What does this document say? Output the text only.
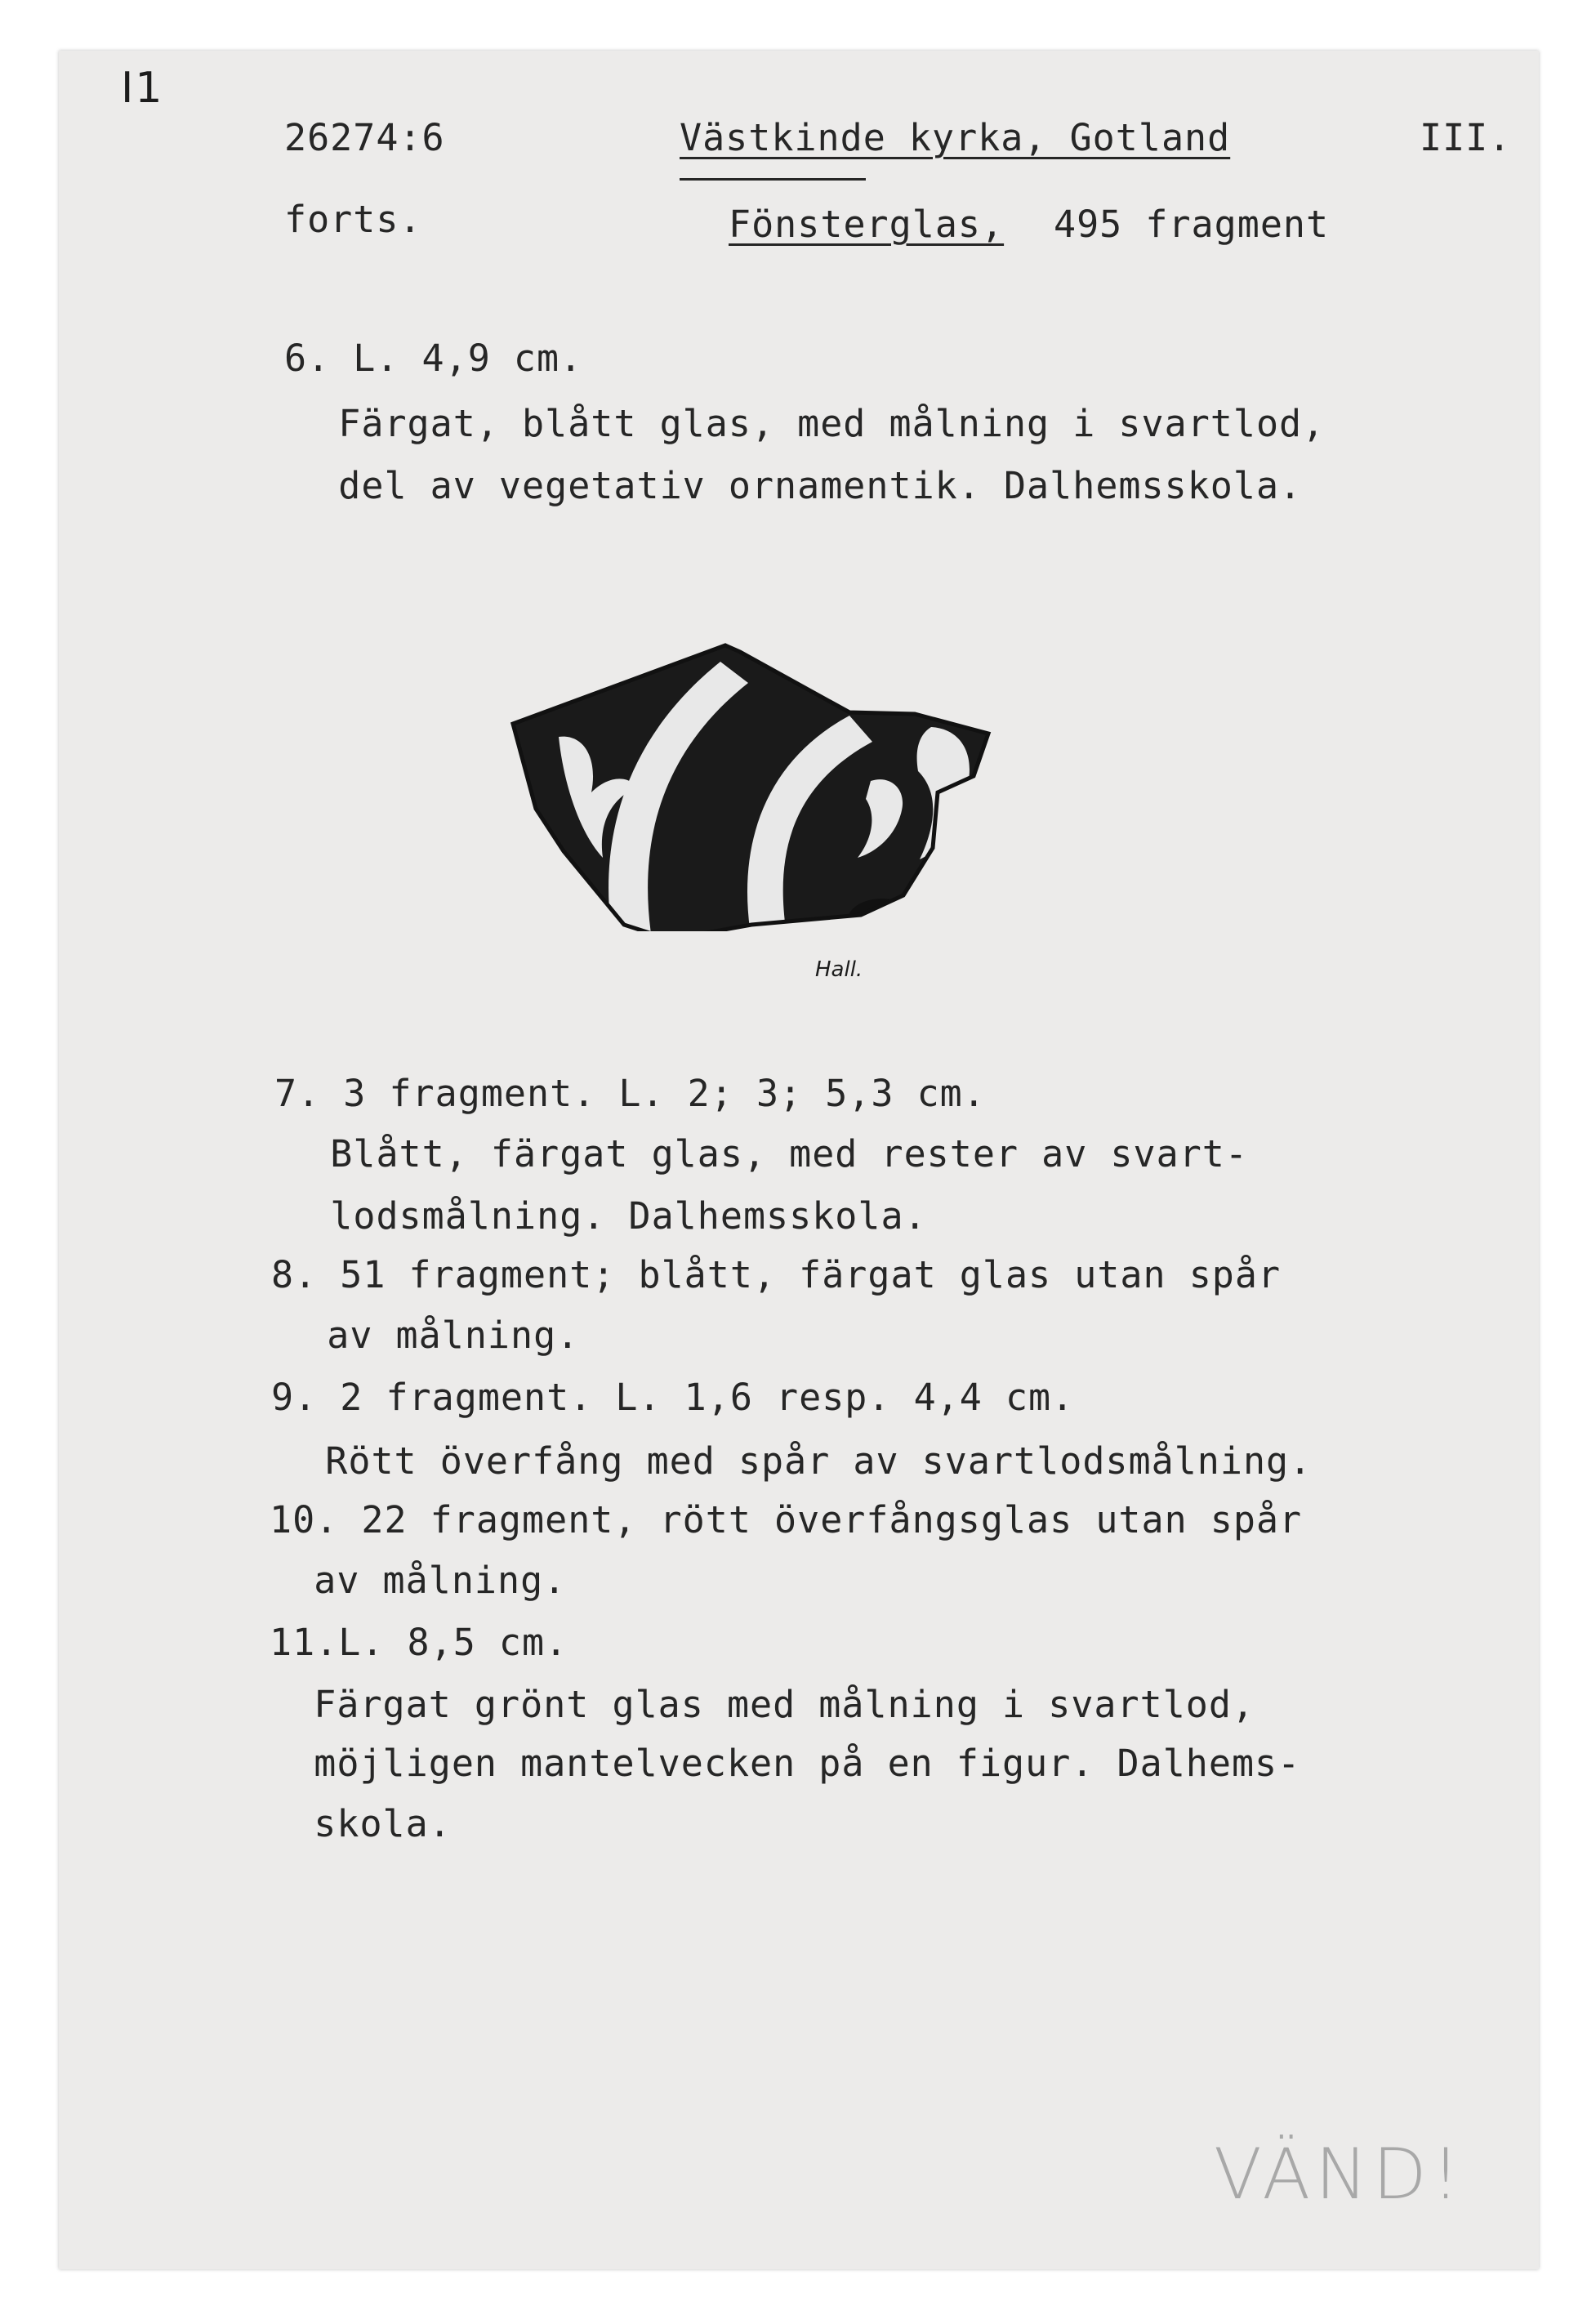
I1
26274:6	Västkinde kyrka, Gotland	III.
forts.	Fönsterglas, 495 fragment
6. L. 4,9 cm.
Färgat, blått glas, med målning i svartlod,
del av vegetativ ornamentik. Dalhemsskola.
Hall.
7. 3 fragment. L. 2; 3; 5,3 cm.
Blått, färgat glas, med rester av svart-
lodsmålning. Dalhemsskola.
8. 51 fragment; blått, färgat glas utan spår
av målning.
9. 2 fragment. L. 1,6 resp. 4,4 cm.
Rött överfång med spår av svartlodsmålning.
10. 22 fragment, rött överfångsglas utan spår
av målning.
11.L. 8,5 cm.
Färgat grönt glas med målning i svartlod,
möjligen mantelvecken på en figur. Dalhems-
skola.
VÄND!
